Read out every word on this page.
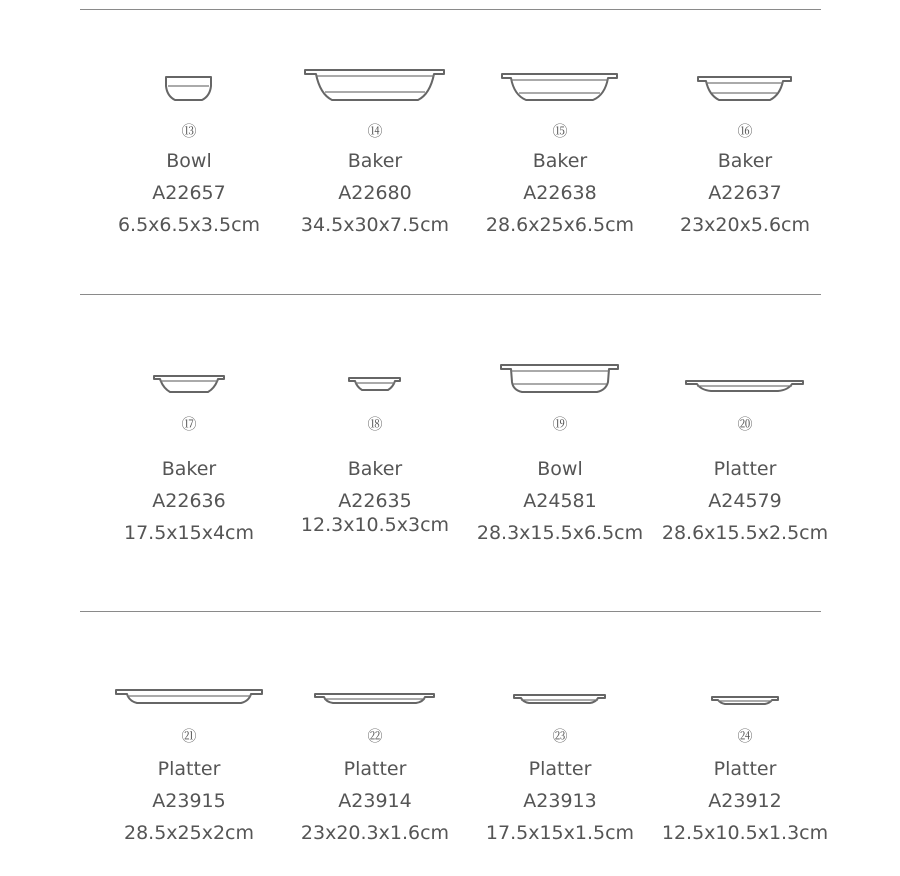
⑬
Bowl
A22657
6.5x6.5x3.5cm
⑭
Baker
A22680
34.5x30x7.5cm
⑮
Baker
A22638
28.6x25x6.5cm
⑯
Baker
A22637
23x20x5.6cm
⑰
Baker
A22636
17.5x15x4cm
⑱
Baker
A22635
12.3x10.5x3cm
⑲
Bowl
A24581
28.3x15.5x6.5cm
⑳
Platter
A24579
28.6x15.5x2.5cm
㉑
Platter
A23915
28.5x25x2cm
㉒
Platter
A23914
23x20.3x1.6cm
㉓
Platter
A23913
17.5x15x1.5cm
㉔
Platter
A23912
12.5x10.5x1.3cm
